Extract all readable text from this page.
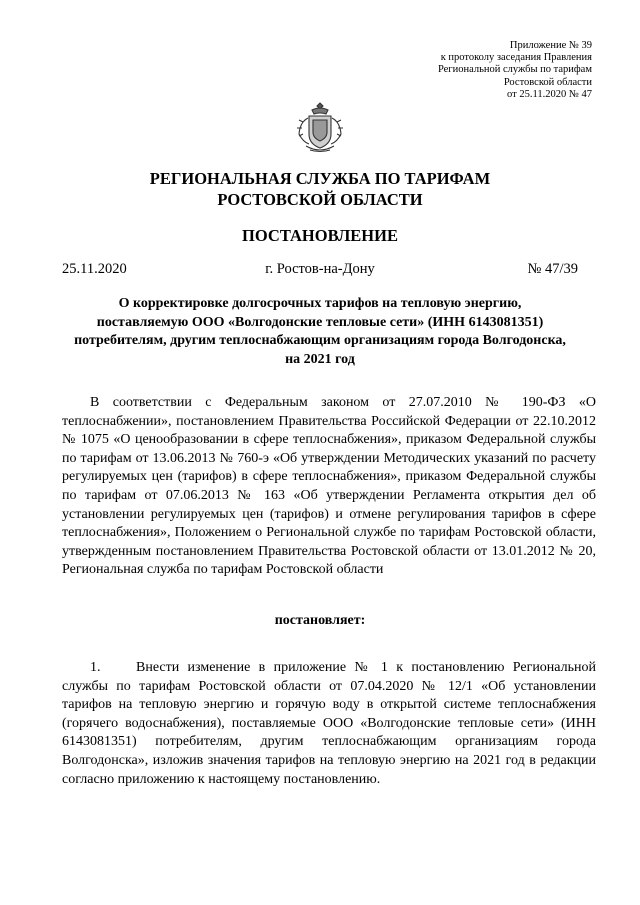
Приложение № 39
к протоколу заседания Правления
Региональной службы по тарифам
Ростовской области
от 25.11.2020 № 47
РЕГИОНАЛЬНАЯ СЛУЖБА ПО ТАРИФАМ
РОСТОВСКОЙ ОБЛАСТИ
ПОСТАНОВЛЕНИЕ
25.11.2020	г. Ростов-на-Дону	№ 47/39
О корректировке долгосрочных тарифов на тепловую энергию,
поставляемую ООО «Волгодонские тепловые сети» (ИНН 6143081351)
потребителям, другим теплоснабжающим организациям города Волгодонска,
на 2021 год
В соответствии с Федеральным законом от 27.07.2010 № 190-ФЗ «О теплоснабжении», постановлением Правительства Российской Федерации от 22.10.2012 № 1075 «О ценообразовании в сфере теплоснабжения», приказом Федеральной службы по тарифам от 13.06.2013 № 760-э «Об утверждении Методических указаний по расчету регулируемых цен (тарифов) в сфере теплоснабжения», приказом Федеральной службы по тарифам от 07.06.2013 № 163 «Об утверждении Регламента открытия дел об установлении регулируемых цен (тарифов) и отмене регулирования тарифов в сфере теплоснабжения», Положением о Региональной службе по тарифам Ростовской области, утвержденным постановлением Правительства Ростовской области от 13.01.2012 № 20, Региональная служба по тарифам Ростовской области
постановляет:
1.	Внести изменение в приложение № 1 к постановлению Региональной службы по тарифам Ростовской области от 07.04.2020 № 12/1 «Об установлении тарифов на тепловую энергию и горячую воду в открытой системе теплоснабжения (горячего водоснабжения), поставляемые ООО «Волгодонские тепловые сети» (ИНН 6143081351) потребителям, другим теплоснабжающим организациям города Волгодонска», изложив значения тарифов на тепловую энергию на 2021 год в редакции согласно приложению к настоящему постановлению.
